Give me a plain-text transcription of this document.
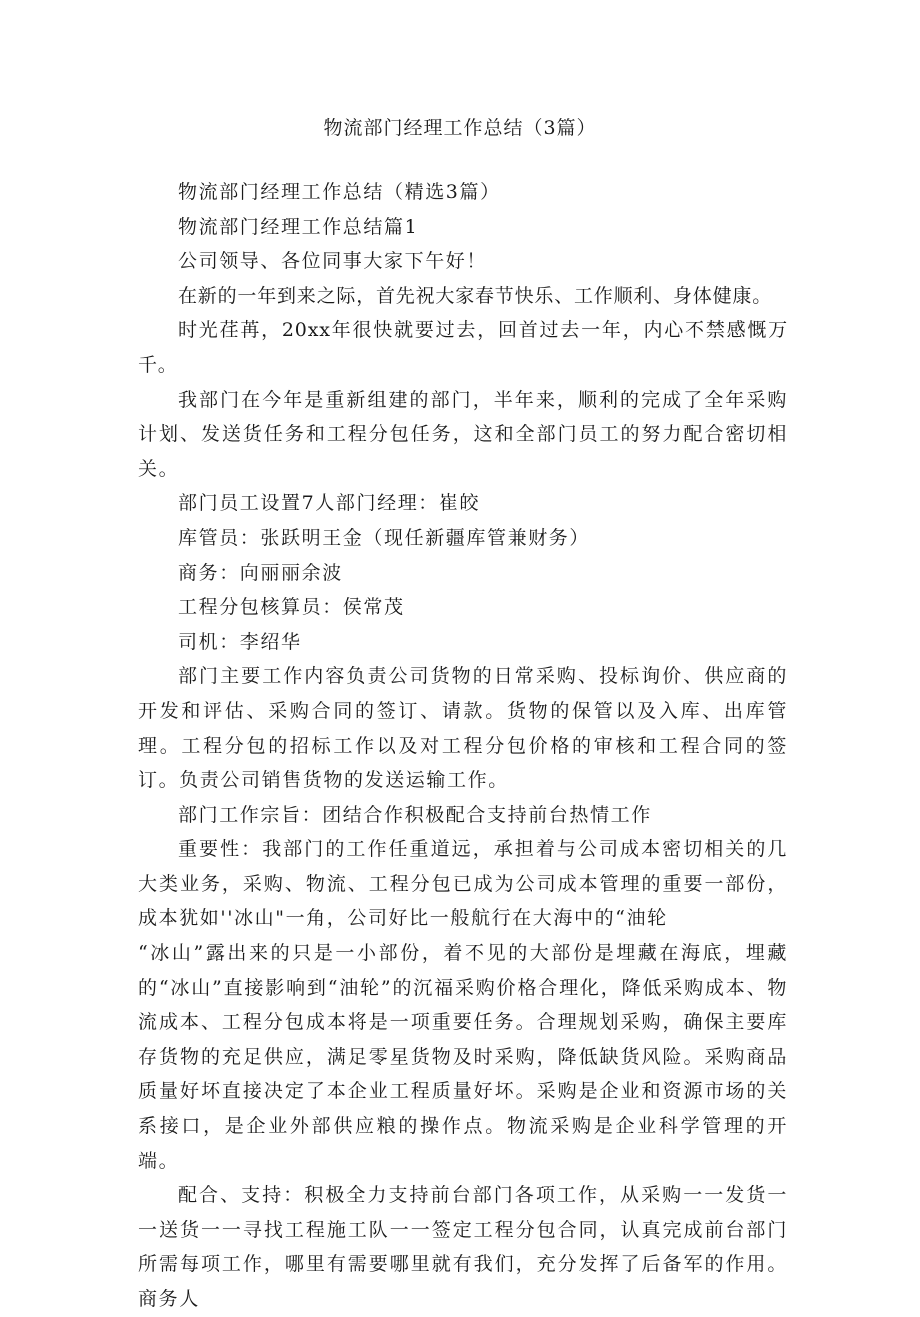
物流部门经理工作总结（3篇）

物流部门经理工作总结（精选3篇）

物流部门经理工作总结篇1

公司领导、各位同事大家下午好！

在新的一年到来之际，首先祝大家春节快乐、工作顺利、身体健康。

时光荏苒，20xx年很快就要过去，回首过去一年，内心不禁感慨万千。

我部门在今年是重新组建的部门，半年来，顺利的完成了全年采购计划、发送货任务和工程分包任务，这和全部门员工的努力配合密切相关。

部门员工设置7人部门经理：崔皎

库管员：张跃明王金（现任新疆库管兼财务）

商务：向丽丽余波

工程分包核算员：侯常茂

司机：李绍华

部门主要工作内容负责公司货物的日常采购、投标询价、供应商的开发和评估、采购合同的签订、请款。货物的保管以及入库、出库管理。工程分包的招标工作以及对工程分包价格的审核和工程合同的签订。负责公司销售货物的发送运输工作。

部门工作宗旨：团结合作积极配合支持前台热情工作

重要性：我部门的工作任重道远，承担着与公司成本密切相关的几大类业务，采购、物流、工程分包已成为公司成本管理的重要一部份，成本犹如''冰山"一角，公司好比一般航行在大海中的“油轮

“冰山”露出来的只是一小部份，着不见的大部份是埋藏在海底，埋藏的“冰山”直接影响到“油轮”的沉福采购价格合理化，降低采购成本、物流成本、工程分包成本将是一项重要任务。合理规划采购，确保主要库存货物的充足供应，满足零星货物及时采购，降低缺货风险。采购商品质量好坏直接决定了本企业工程质量好坏。采购是企业和资源市场的关系接口，是企业外部供应粮的操作点。物流采购是企业科学管理的开端。

配合、支持：积极全力支持前台部门各项工作，从采购一一发货一一送货一一寻找工程施工队一一签定工程分包合同，认真完成前台部门所需每项工作，哪里有需要哪里就有我们，充分发挥了后备军的作用。商务人
